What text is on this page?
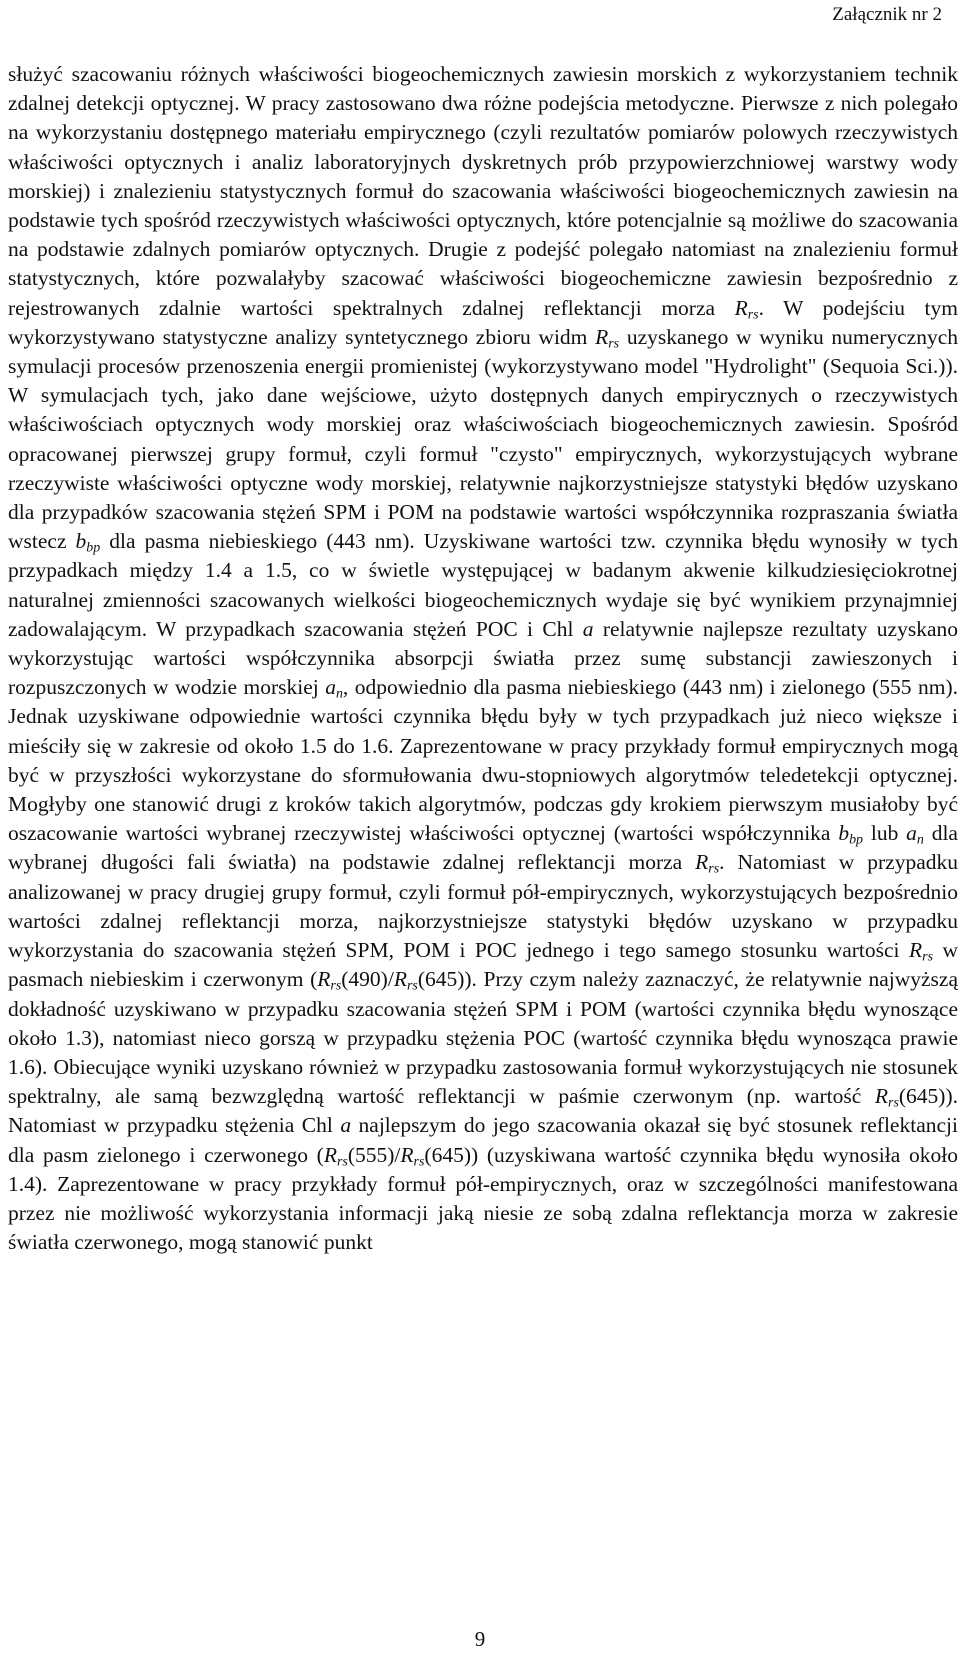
Załącznik nr 2

służyć szacowaniu różnych właściwości biogeochemicznych zawiesin morskich z wykorzystaniem technik zdalnej detekcji optycznej. W pracy zastosowano dwa różne podejścia metodyczne. Pierwsze z nich polegało na wykorzystaniu dostępnego materiału empirycznego (czyli rezultatów pomiarów polowych rzeczywistych właściwości optycznych i analiz laboratoryjnych dyskretnych prób przypowierzchniowej warstwy wody morskiej) i znalezieniu statystycznych formuł do szacowania właściwości biogeochemicznych zawiesin na podstawie tych spośród rzeczywistych właściwości optycznych, które potencjalnie są możliwe do szacowania na podstawie zdalnych pomiarów optycznych. Drugie z podejść polegało natomiast na znalezieniu formuł statystycznych, które pozwalałyby szacować właściwości biogeochemiczne zawiesin bezpośrednio z rejestrowanych zdalnie wartości spektralnych zdalnej reflektancji morza $R_{rs}$. W podejściu tym wykorzystywano statystyczne analizy syntetycznego zbioru widm $R_{rs}$ uzyskanego w wyniku numerycznych symulacji procesów przenoszenia energii promienistej (wykorzystywano model "Hydrolight" (Sequoia Sci.)). W symulacjach tych, jako dane wejściowe, użyto dostępnych danych empirycznych o rzeczywistych właściwościach optycznych wody morskiej oraz właściwościach biogeochemicznych zawiesin. Spośród opracowanej pierwszej grupy formuł, czyli formuł "czysto" empirycznych, wykorzystujących wybrane rzeczywiste właściwości optyczne wody morskiej, relatywnie najkorzystniejsze statystyki błędów uzyskano dla przypadków szacowania stężeń SPM i POM na podstawie wartości współczynnika rozpraszania światła wstecz $b_{bp}$ dla pasma niebieskiego (443 nm). Uzyskiwane wartości tzw. czynnika błędu wynosiły w tych przypadkach między 1.4 a 1.5, co w świetle występującej w badanym akwenie kilkudziesięciokrotnej naturalnej zmienności szacowanych wielkości biogeochemicznych wydaje się być wynikiem przynajmniej zadowalającym. W przypadkach szacowania stężeń POC i Chl a relatywnie najlepsze rezultaty uzyskano wykorzystując wartości współczynnika absorpcji światła przez sumę substancji zawieszonych i rozpuszczonych w wodzie morskiej $a_n$, odpowiednio dla pasma niebieskiego (443 nm) i zielonego (555 nm). Jednak uzyskiwane odpowiednie wartości czynnika błędu były w tych przypadkach już nieco większe i mieściły się w zakresie od około 1.5 do 1.6. Zaprezentowane w pracy przykłady formuł empirycznych mogą być w przyszłości wykorzystane do sformułowania dwu-stopniowych algorytmów teledetekcji optycznej. Mogłyby one stanowić drugi z kroków takich algorytmów, podczas gdy krokiem pierwszym musiałoby być oszacowanie wartości wybranej rzeczywistej właściwości optycznej (wartości współczynnika $b_{bp}$ lub $a_n$ dla wybranej długości fali światła) na podstawie zdalnej reflektancji morza $R_{rs}$. Natomiast w przypadku analizowanej w pracy drugiej grupy formuł, czyli formuł pół-empirycznych, wykorzystujących bezpośrednio wartości zdalnej reflektancji morza, najkorzystniejsze statystyki błędów uzyskano w przypadku wykorzystania do szacowania stężeń SPM, POM i POC jednego i tego samego stosunku wartości $R_{rs}$ w pasmach niebieskim i czerwonym $(R_{rs}(490)/R_{rs}(645))$. Przy czym należy zaznaczyć, że relatywnie najwyższą dokładność uzyskiwano w przypadku szacowania stężeń SPM i POM (wartości czynnika błędu wynoszące około 1.3), natomiast nieco gorszą w przypadku stężenia POC (wartość czynnika błędu wynosząca prawie 1.6). Obiecujące wyniki uzyskano również w przypadku zastosowania formuł wykorzystujących nie stosunek spektralny, ale samą bezwzględną wartość reflektancji w paśmie czerwonym (np. wartość $R_{rs}(645)$). Natomiast w przypadku stężenia Chl a najlepszym do jego szacowania okazał się być stosunek reflektancji dla pasm zielonego i czerwonego $(R_{rs}(555)/R_{rs}(645))$ (uzyskiwana wartość czynnika błędu wynosiła około 1.4). Zaprezentowane w pracy przykłady formuł pół-empirycznych, oraz w szczególności manifestowana przez nie możliwość wykorzystania informacji jaką niesie ze sobą zdalna reflektancja morza w zakresie światła czerwonego, mogą stanowić punkt

9
